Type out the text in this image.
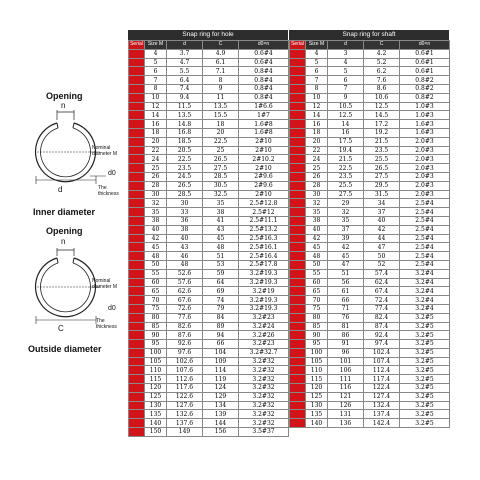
Opening
n
Nominal diameter M
d0
d	The thickness
Inner diameter
Opening
n
Nominal diameter M
d0
C
The thickness
Outside diameter
Snap ring for hole	Snap ring for shaft
Serial	Size M	d	C	d0×n
	4	3.7	4.9	0.6#4
	5	4.7	6.1	0.6#4
	6	5.5	7.1	0.8#4
	7	6.4	8	0.8#4
	8	7.4	9	0.8#4
	10	9.4	11	0.8#4
	12	11.5	13.5	1#6.6
	14	13.5	15.5	1#7
	16	14.8	18	1.6#8
	18	16.8	20	1.6#8
	20	18.5	22.5	2#10
	22	20.5	25	2#10
	24	22.5	26.5	2#10.2
	25	23.5	27.5	2#10
	26	24.5	28.5	2#9.6
	28	26.5	30.5	2#9.6
	30	28.5	32.5	2#10
	32	30	35	2.5#12.8
	35	33	38	2.5#12
	38	36	41	2.5#11.1
	40	38	43	2.5#13.2
	42	40	45	2.5#16.3
	45	43	48	2.5#16.1
	48	46	51	2.5#16.4
	50	48	53	2.5#17.8
	55	52.6	59	3.2#19.3
	60	57.6	64	3.2#19.3
	65	62.6	69	3.2#19
	70	67.6	74	3.2#19.3
	75	72.6	79	3.2#19.3
	80	77.6	84	3.2#23
	85	82.6	89	3.2#24
	90	87.6	94	3.2#26
	95	92.6	66	3.2#23
	100	97.6	104	3.2#32.7
	105	102.6	109	3.2#32
	110	107.6	114	3.2#32
	115	112.6	119	3.2#32
	120	117.6	124	3.2#32
	125	122.6	129	3.2#32
	130	127.6	134	3.2#32
	135	132.6	139	3.2#32
	140	137.6	144	3.2#32
	150	149	156	3.5#37
Serial	Size M	d	C	d0×n
	4	3	4.2	0.6#1
	5	4	5.2	0.6#1
	6	5	6.2	0.6#1
	7	6	7.6	0.8#2
	8	7	8.6	0.8#2
	10	9	10.6	0.8#2
	12	10.5	12.5	1.0#3
	14	12.5	14.5	1.0#3
	16	14	17.2	1.6#3
	18	16	19.2	1.6#3
	20	17.5	21.5	2.0#3
	22	19.4	23.5	2.0#3
	24	21.5	25.5	2.0#3
	25	22.5	26.5	2.0#3
	26	23.5	27.5	2.0#3
	28	25.5	29.5	2.0#3
	30	27.5	31.5	2.0#3
	32	29	34	2.5#4
	35	32	37	2.5#4
	38	35	40	2.5#4
	40	37	42	2.5#4
	42	39	44	2.5#4
	45	42	47	2.5#4
	48	45	50	2.5#4
	50	47	52	2.5#4
	55	51	57.4	3.2#4
	60	56	62.4	3.2#4
	65	61	67.4	3.2#4
	70	66	72.4	3.2#4
	75	71	77.4	3.2#4
	80	76	82.4	3.2#5
	85	81	87.4	3.2#5
	90	86	92.4	3.2#5
	95	91	97.4	3.2#5
	100	96	102.4	3.2#5
	105	101	107.4	3.2#5
	110	106	112.4	3.2#5
	115	111	117.4	3.2#5
	120	116	122.4	3.2#5
	125	121	127.4	3.2#5
	130	126	132.4	3.2#5
	135	131	137.4	3.2#5
	140	136	142.4	3.2#5
